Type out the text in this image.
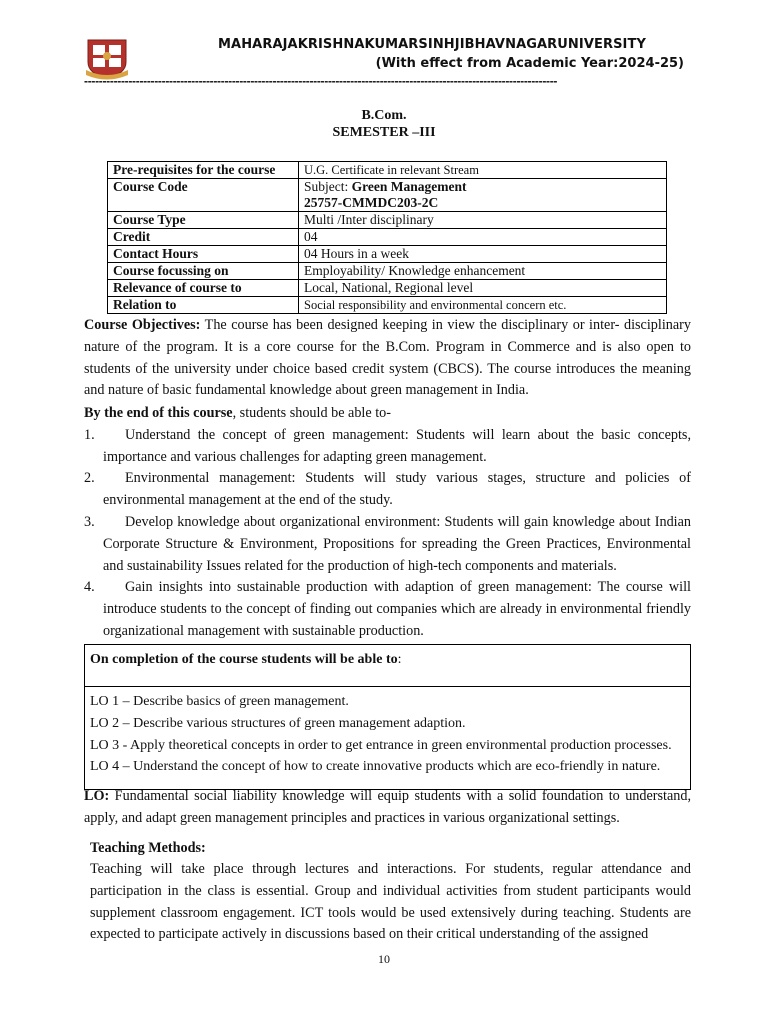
MAHARAJAKRISHNAKUMARSINHJIBHAVNAGARUNIVERSITY
(With effect from Academic Year:2024-25)
--------------------------------------------------------------------------------------------------------------------------------
B.Com.
SEMESTER –III
Pre-requisites for the course	U.G. Certificate in relevant Stream
Course Code	Subject: Green Management
25757-CMMDC203-2C
Course Type	Multi /Inter disciplinary
Credit	04
Contact Hours	04 Hours in a week
Course focussing on	Employability/ Knowledge enhancement
Relevance of course to	Local, National, Regional level
Relation to	Social responsibility and environmental concern etc.
Course Objectives: The course has been designed keeping in view the disciplinary or inter- disciplinary nature of the program. It is a core course for the B.Com. Program in Commerce and is also open to students of the university under choice based credit system (CBCS). The course introduces the meaning and nature of basic fundamental knowledge about green management in India.
By the end of this course, students should be able to-
1.	Understand the concept of green management: Students will learn about the basic concepts, importance and various challenges for adapting green management.
2.	Environmental management: Students will study various stages, structure and policies of environmental management at the end of the study.
3.	Develop knowledge about organizational environment: Students will gain knowledge about Indian Corporate Structure & Environment, Propositions for spreading the Green Practices, Environmental and sustainability Issues related for the production of high-tech components and materials.
4.	Gain insights into sustainable production with adaption of green management: The course will introduce students to the concept of finding out companies which are already in environmental friendly organizational management with sustainable production.
On completion of the course students will be able to:
LO 1 – Describe basics of green management.
LO 2 – Describe various structures of green management adaption.
LO 3 - Apply theoretical concepts in order to get entrance in green environmental production processes.
LO 4 – Understand the concept of how to create innovative products which are eco-friendly in nature.
LO: Fundamental social liability knowledge will equip students with a solid foundation to understand, apply, and adapt green management principles and practices in various organizational settings.
Teaching Methods:
Teaching will take place through lectures and interactions. For students, regular attendance and participation in the class is essential. Group and individual activities from student participants would supplement classroom engagement. ICT tools would be used extensively during teaching. Students are expected to participate actively in discussions based on their critical understanding of the assigned
10
